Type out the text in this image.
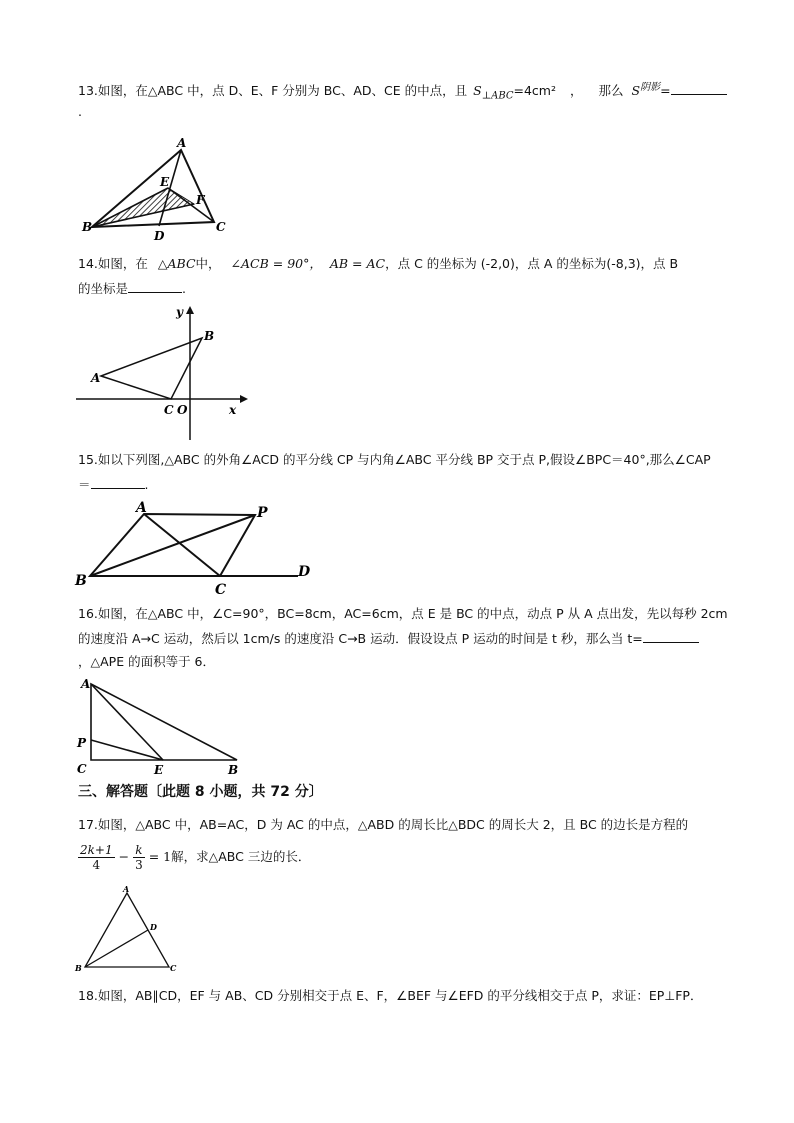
13.如图，在△ABC 中，点 D、E、F 分别为 BC、AD、CE 的中点，且 $S_{\perp ABC}=4cm^2$ ， 那么 $S^{阴影}=$
.
A
B	C
D
E
F
14.如图，在 △ABC中， ∠ACB = 90°， AB = AC，点 C 的坐标为 (-2,0)，点 A 的坐标为(-8,3)，点 B
的坐标是	.
y
x
A
B
C O
15.如以下列图,△ABC 的外角∠ACD 的平分线 CP 与内角∠ABC 平分线 BP 交于点 P,假设∠BPC＝40°,那么∠CAP
＝	.
A
B
C
D
P
16.如图，在△ABC 中，∠C=90°，BC=8cm，AC=6cm，点 E 是 BC 的中点，动点 P 从 A 点出发，先以每秒 2cm
的速度沿 A→C 运动，然后以 1cm/s 的速度沿 C→B 运动．假设设点 P 运动的时间是 t 秒，那么当 t=
，△APE 的面积等于 6．
A
P
C	E	B
三、解答题〔此题 8 小题，共 72 分〕
17.如图，△ABC 中，AB=AC，D 为 AC 的中点，△ABD 的周长比△BDC 的周长大 2，且 BC 的边长是方程的
$\frac{2k+1}{4} - \frac{k}{3} = 1$解，求△ABC 三边的长．
A
B	C
D
18.如图，AB∥CD，EF 与 AB、CD 分别相交于点 E、F，∠BEF 与∠EFD 的平分线相交于点 P，求证：EP⊥FP．
